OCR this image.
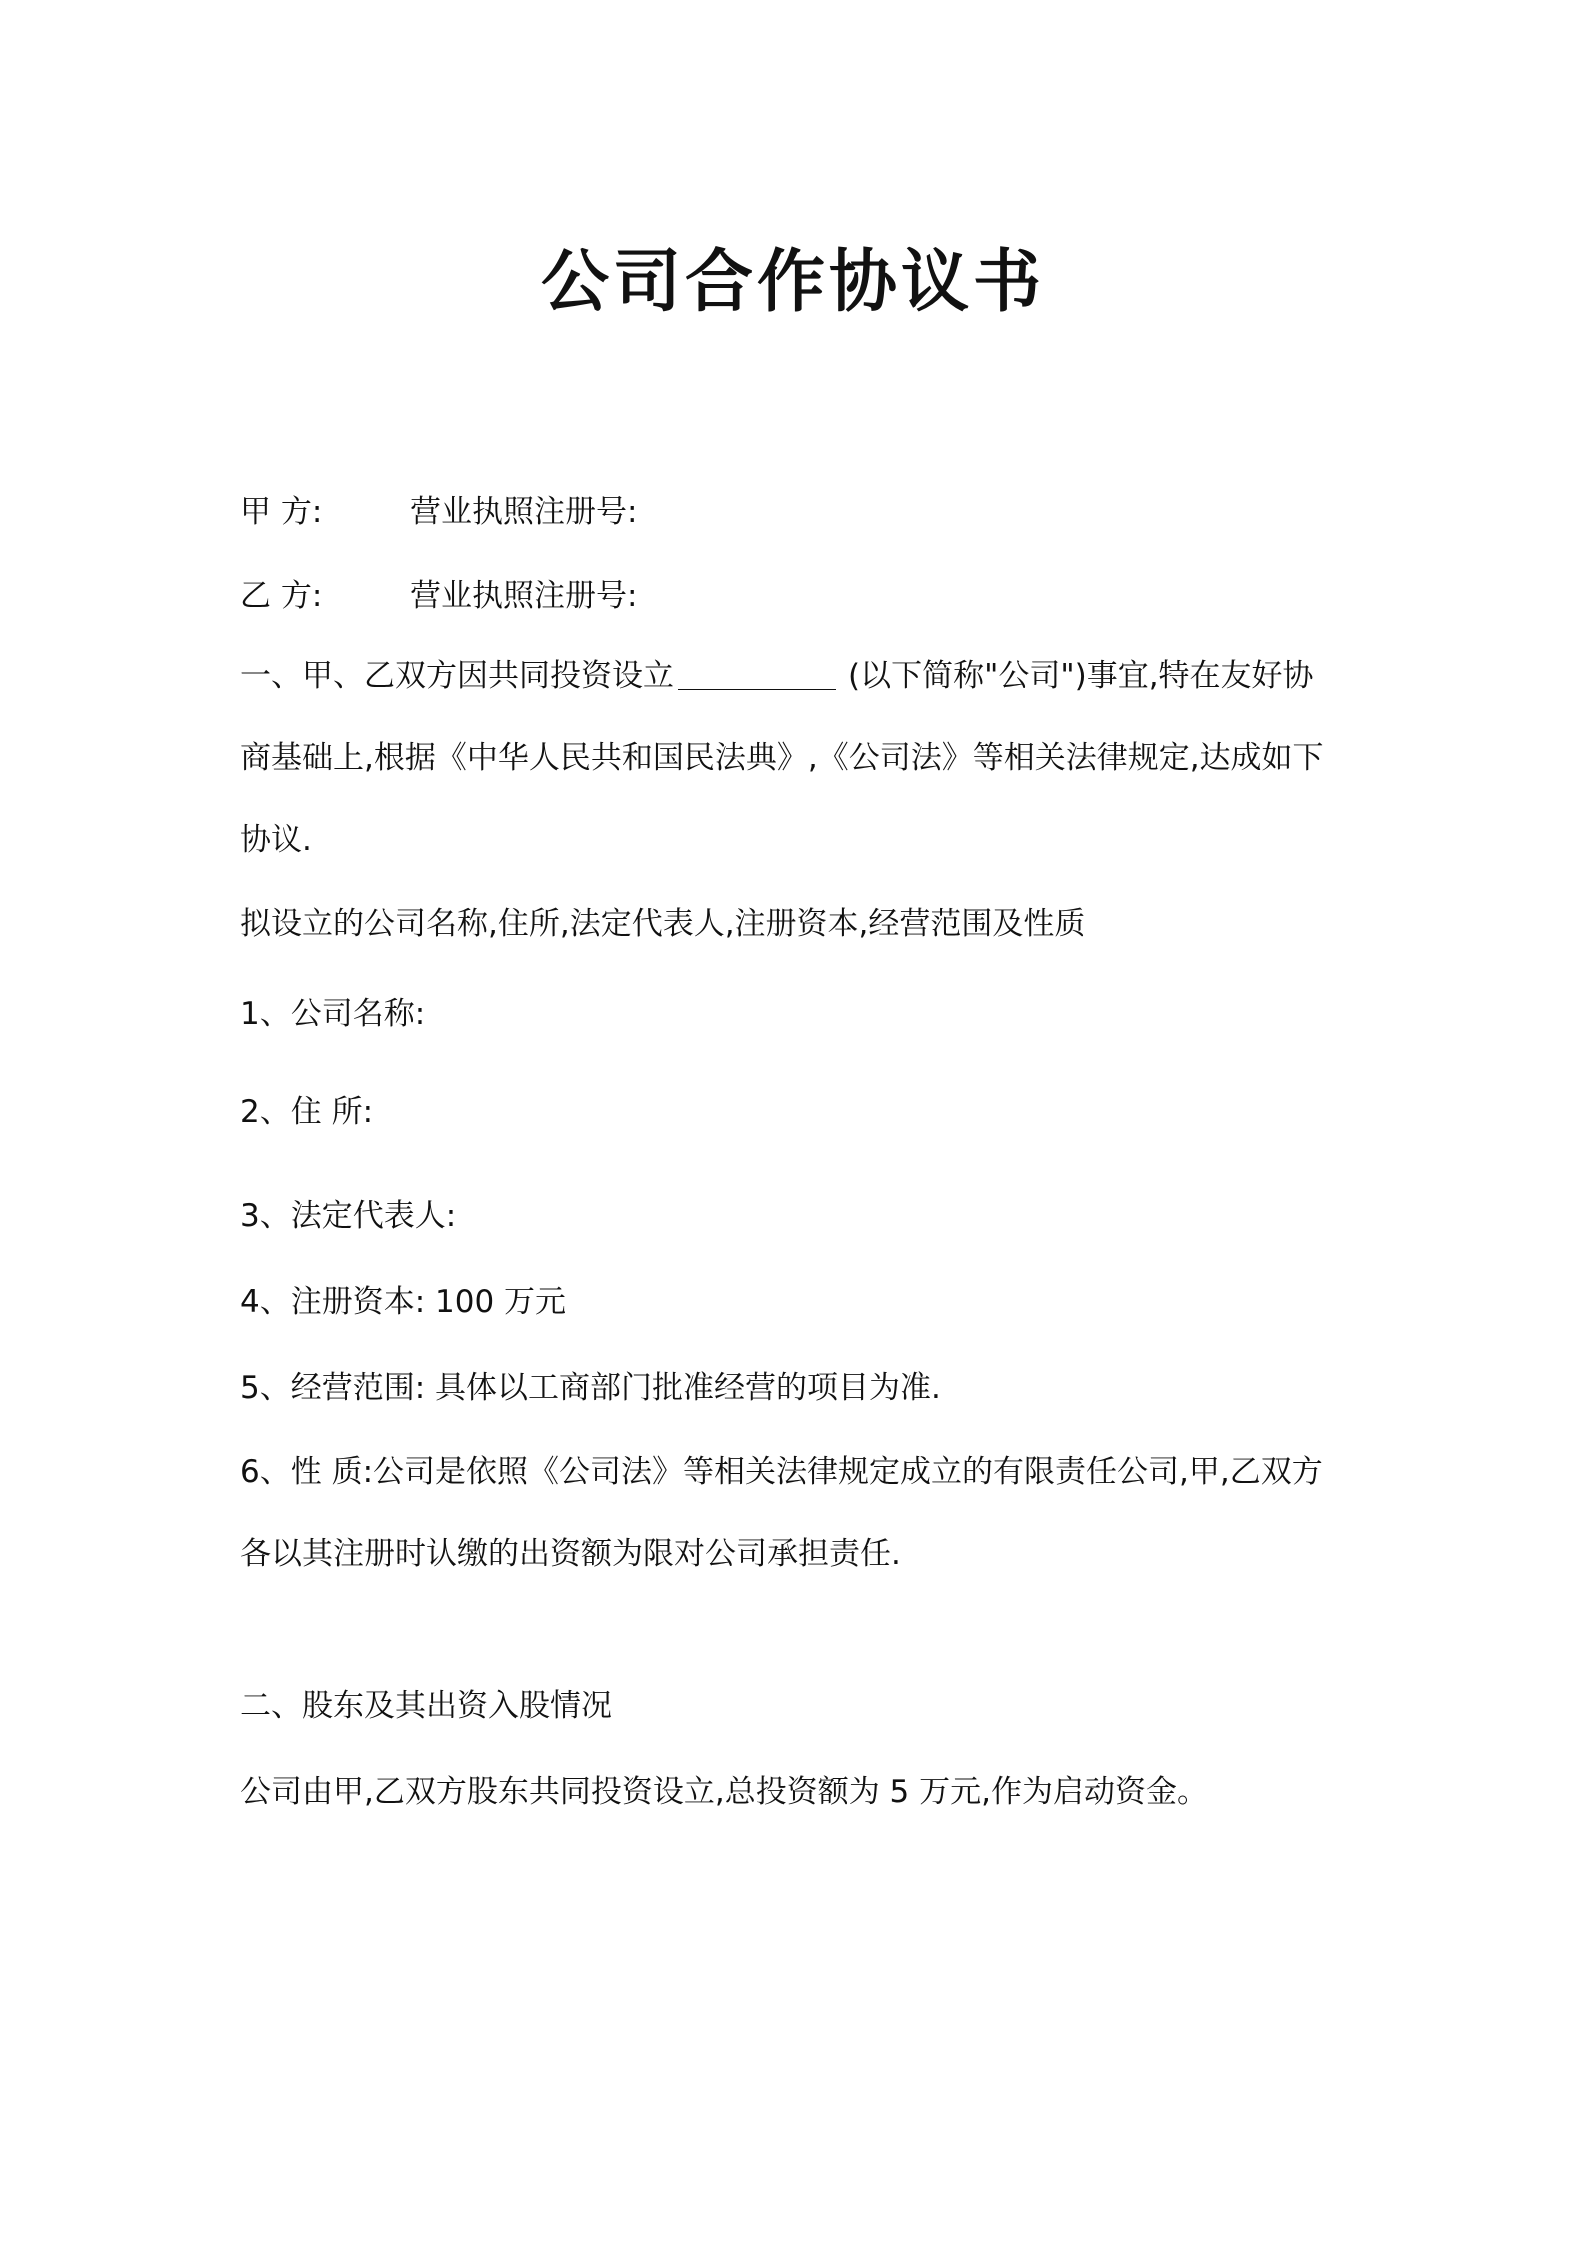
公司合作协议书
甲 方:	营业执照注册号:
乙 方:	营业执照注册号:
一、甲、乙双方因共同投资设立	(以下简称"公司")事宜,特在友好协
商基础上,根据《中华人民共和国民法典》,《公司法》等相关法律规定,达成如下
协议.
拟设立的公司名称,住所,法定代表人,注册资本,经营范围及性质
1、公司名称:
2、住 所:
3、法定代表人:
4、注册资本: 100 万元
5、经营范围: 具体以工商部门批准经营的项目为准.
6、性 质:公司是依照《公司法》等相关法律规定成立的有限责任公司,甲,乙双方
各以其注册时认缴的出资额为限对公司承担责任.
二、股东及其出资入股情况
公司由甲,乙双方股东共同投资设立,总投资额为 5 万元,作为启动资金。
